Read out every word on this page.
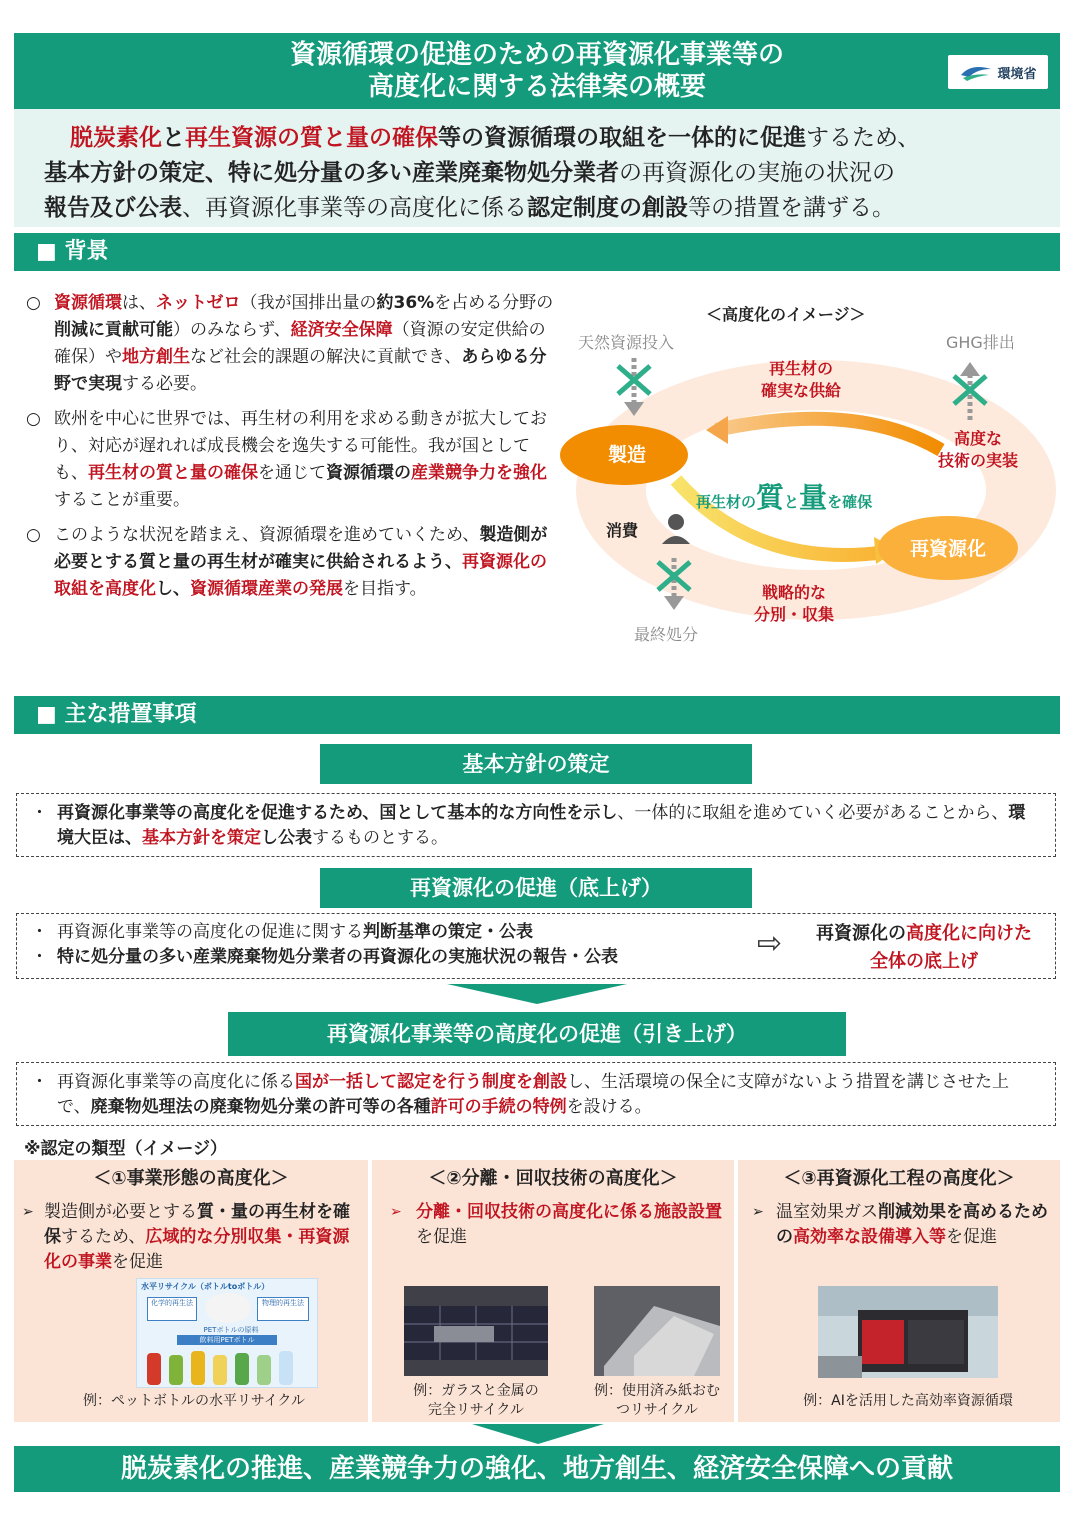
資源循環の促進のための再資源化事業等の
高度化に関する法律案の概要	環境省
脱炭素化と再生資源の質と量の確保等の資源循環の取組を一体的に促進するため、
基本方針の策定、特に処分量の多い産業廃棄物処分業者の再資源化の実施の状況の
報告及び公表、再資源化事業等の高度化に係る認定制度の創設等の措置を講ずる。
■ 背景
○ 資源循環は、ネットゼロ（我が国排出量の約36%を占める分野の削減に貢献可能）のみならず、経済安全保障（資源の安定供給の確保）や地方創生など社会的課題の解決に貢献でき、あらゆる分野で実現する必要。
○ 欧州を中心に世界では、再生材の利用を求める動きが拡大しており、対応が遅れれば成長機会を逸失する可能性。我が国としても、再生材の質と量の確保を通じて資源循環の産業競争力を強化することが重要。
○ このような状況を踏まえ、資源循環を進めていくため、製造側が必要とする質と量の再生材が確実に供給されるよう、再資源化の取組を高度化し、資源循環産業の発展を目指す。
＜高度化のイメージ＞
天然資源投入	GHG排出
再生材の
確実な供給
製造
高度な
技術の実装
再生材の質と量を確保
消費
再資源化
戦略的な
分別・収集
最終処分
■ 主な措置事項
基本方針の策定
・ 再資源化事業等の高度化を促進するため、国として基本的な方向性を示し、一体的に取組を進めていく必要があることから、環境大臣は、基本方針を策定し公表するものとする。
再資源化の促進（底上げ）
・ 再資源化事業等の高度化の促進に関する判断基準の策定・公表
・ 特に処分量の多い産業廃棄物処分業者の再資源化の実施状況の報告・公表	⇨	再資源化の高度化に向けた
全体の底上げ
再資源化事業等の高度化の促進（引き上げ）
・ 再資源化事業等の高度化に係る国が一括して認定を行う制度を創設し、生活環境の保全に支障がないよう措置を講じさせた上で、廃棄物処理法の廃棄物処分業の許可等の各種許可の手続の特例を設ける。
※認定の類型（イメージ）
＜①事業形態の高度化＞
➢ 製造側が必要とする質・量の再生材を確保するため、広域的な分別収集・再資源化の事業を促進
水平リサイクル（ボトルtoボトル）
化学的再生法	物理的再生法
PETボトルの原料
飲料用PETボトル
例：ペットボトルの水平リサイクル
＜②分離・回収技術の高度化＞
➢ 分離・回収技術の高度化に係る施設設置を促進
例：ガラスと金属の
完全リサイクル
例：使用済み紙おむ
つリサイクル
＜③再資源化工程の高度化＞
➢ 温室効果ガス削減効果を高めるための高効率な設備導入等を促進
例：AIを活用した高効率資源循環
脱炭素化の推進、産業競争力の強化、地方創生、経済安全保障への貢献
